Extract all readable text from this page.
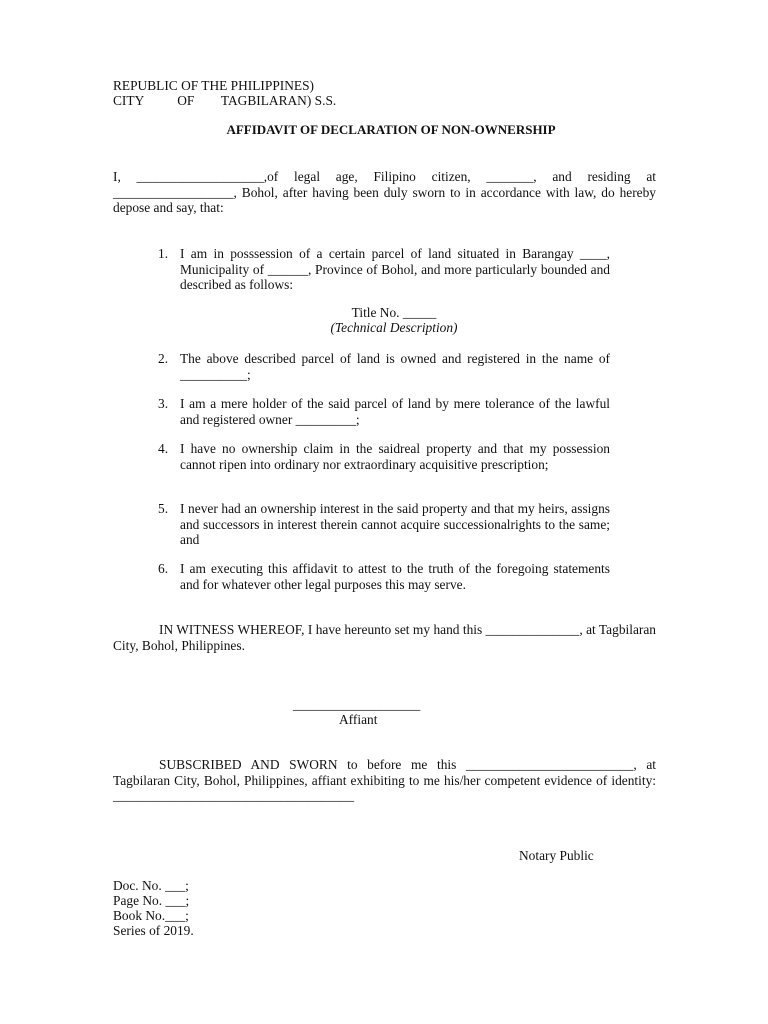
REPUBLIC OF THE PHILIPPINES)
CITY          OF        TAGBILARAN) S.S.
AFFIDAVIT OF DECLARATION OF NON-OWNERSHIP
I, ___________________,of legal age, Filipino citizen, _______, and residing at __________________, Bohol, after having been duly sworn to in accordance with law, do hereby depose and say, that:
1. I am in posssession of a certain parcel of land situated in Barangay ____, Municipality of ______, Province of Bohol, and more particularly bounded and described as follows:
Title No. _____
(Technical Description)
2. The above described parcel of land is owned and registered in the name of __________;
3. I am a mere holder of the said parcel of land by mere tolerance of the lawful and registered owner _________;
4. I have no ownership claim in the saidreal property and that my possession cannot ripen into ordinary nor extraordinary acquisitive prescription;
5. I never had an ownership interest in the said property and that my heirs, assigns and successors in interest therein cannot acquire successionalrights to the same; and
6. I am executing this affidavit to attest to the truth of the foregoing statements and for whatever other legal purposes this may serve.
IN WITNESS WHEREOF, I have hereunto set my hand this ______________, at Tagbilaran City, Bohol, Philippines.
___________________
Affiant
SUBSCRIBED AND SWORN to before me this _________________________, at Tagbilaran City, Bohol, Philippines, affiant exhibiting to me his/her competent evidence of identity: ____________________________________
Notary Public
Doc. No. ___;
Page No. ___;
Book No.___;
Series of 2019.
